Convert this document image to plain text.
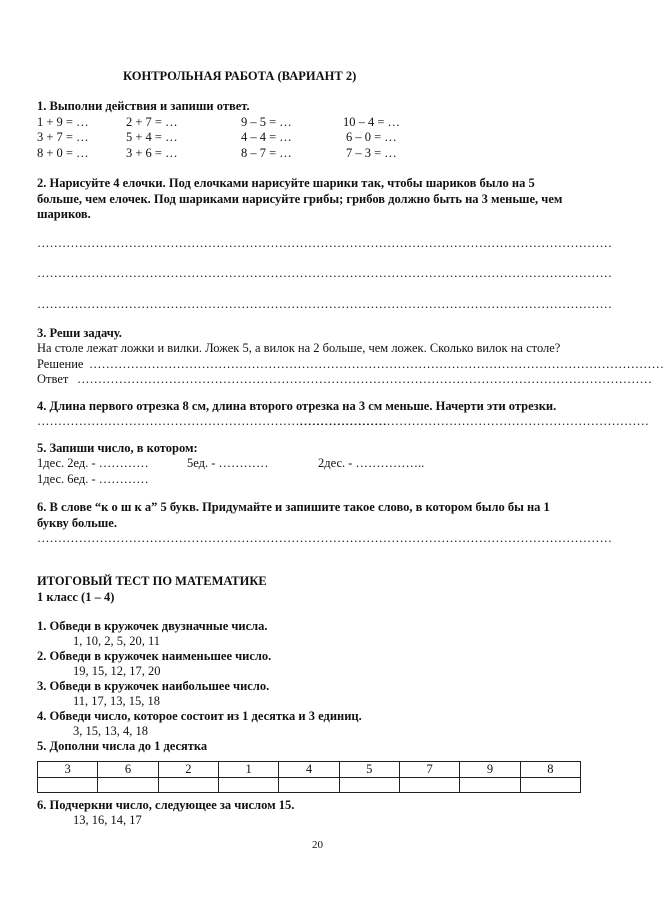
КОНТРОЛЬНАЯ РАБОТА (ВАРИАНТ 2)
1. Выполни действия и запиши ответ.
1 + 9 = …	2 + 7 = …	9 – 5 = …	10 – 4 = …
3 + 7 = …	5 + 4 = …	4 – 4 = …	6 – 0 = …
8 + 0 = …	3 + 6 = …	8 – 7 = …	7 – 3 = …
2. Нарисуйте 4 елочки. Под елочками нарисуйте шарики так, чтобы шариков было на 5
больше, чем елочек. Под шариками нарисуйте грибы; грибов должно быть на 3 меньше, чем
шариков.
…………………………………………………………………………………………………………………………
…………………………………………………………………………………………………………………………
…………………………………………………………………………………………………………………………
3. Реши задачу.
На столе лежат ложки и вилки. Ложек 5, а вилок на 2 больше, чем ложек. Сколько вилок на столе?
Решение …………………………………………………………………………………………………………………………
Ответ …………………………………………………………………………………………………………………………
4. Длина первого отрезка 8 см, длина второго отрезка на 3 см меньше. Начерти эти отрезки.
…………………………………………………………………………
…………………………………………………………………………
5. Запиши число, в котором:
1дес. 2ед. - …………	5ед. - …………	2дес. - ……………..
1дес. 6ед. - …………
6. В слове “к о ш к а” 5 букв. Придумайте и запишите такое слово, в котором было бы на 1
букву больше.
…………………………………………………………………………………………………………………………
ИТОГОВЫЙ ТЕСТ ПО МАТЕМАТИКЕ
1 класс (1 – 4)
1. Обведи в кружочек двузначные числа.
1, 10, 2, 5, 20, 11
2. Обведи в кружочек наименьшее число.
19, 15, 12, 17, 20
3. Обведи в кружочек наибольшее число.
11, 17, 13, 15, 18
4. Обведи число, которое состоит из 1 десятка и 3 единиц.
3, 15, 13, 4, 18
5. Дополни числа до 1 десятка
3	6	2	1	4	5	7	9	8

6. Подчеркни число, следующее за числом 15.
13, 16, 14, 17
20
